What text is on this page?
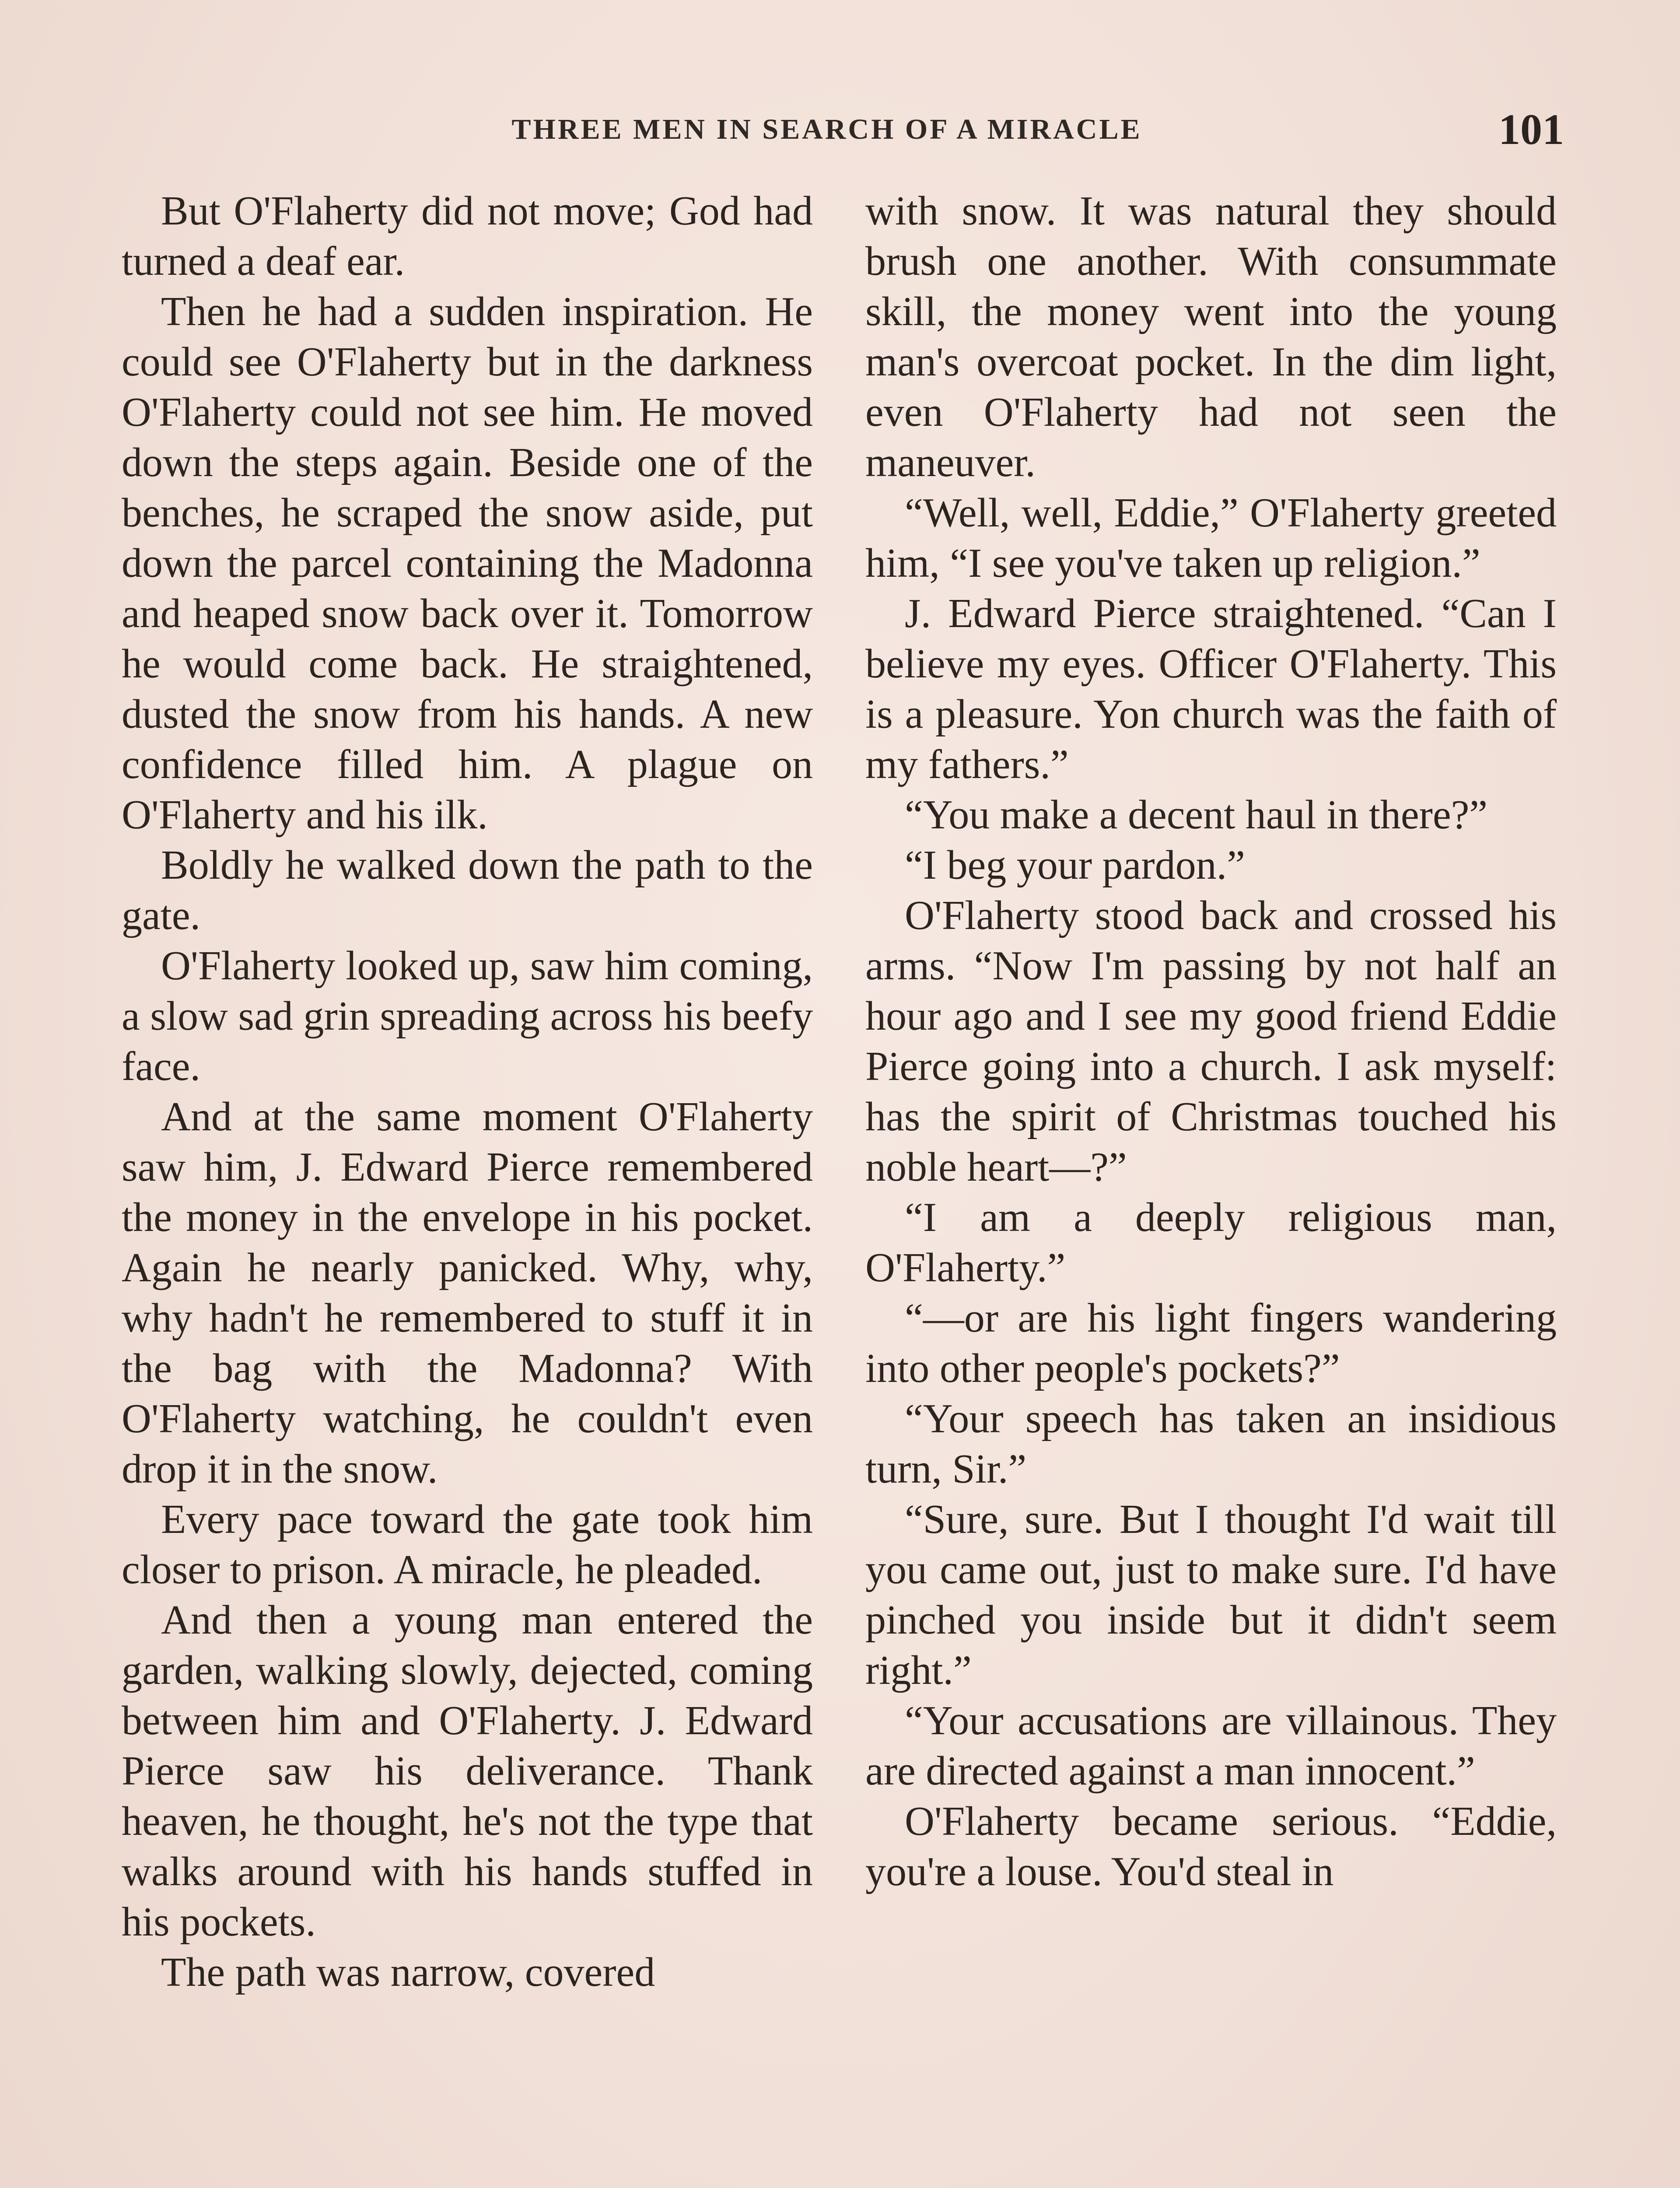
THREE MEN IN SEARCH OF A MIRACLE	101

But O'Flaherty did not move; God had turned a deaf ear.

Then he had a sudden inspiration. He could see O'Flaherty but in the darkness O'Flaherty could not see him. He moved down the steps again. Beside one of the benches, he scraped the snow aside, put down the parcel containing the Madonna and heaped snow back over it. Tomorrow he would come back. He straightened, dusted the snow from his hands. A new confidence filled him. A plague on O'Flaherty and his ilk.

Boldly he walked down the path to the gate.

O'Flaherty looked up, saw him coming, a slow sad grin spreading across his beefy face.

And at the same moment O'Flaherty saw him, J. Edward Pierce remembered the money in the envelope in his pocket. Again he nearly panicked. Why, why, why hadn't he remembered to stuff it in the bag with the Madonna? With O'Flaherty watching, he couldn't even drop it in the snow.

Every pace toward the gate took him closer to prison. A miracle, he pleaded.

And then a young man entered the garden, walking slowly, dejected, coming between him and O'Flaherty. J. Edward Pierce saw his deliverance. Thank heaven, he thought, he's not the type that walks around with his hands stuffed in his pockets.

The path was narrow, covered

with snow. It was natural they should brush one another. With consummate skill, the money went into the young man's overcoat pocket. In the dim light, even O'Flaherty had not seen the maneuver.

“Well, well, Eddie,” O'Flaherty greeted him, “I see you've taken up religion.”

J. Edward Pierce straightened. “Can I believe my eyes. Officer O'Flaherty. This is a pleasure. Yon church was the faith of my fathers.”

“You make a decent haul in there?”

“I beg your pardon.”

O'Flaherty stood back and crossed his arms. “Now I'm passing by not half an hour ago and I see my good friend Eddie Pierce going into a church. I ask myself: has the spirit of Christmas touched his noble heart—?”

“I am a deeply religious man, O'Flaherty.”

“—or are his light fingers wandering into other people's pockets?”

“Your speech has taken an insidious turn, Sir.”

“Sure, sure. But I thought I'd wait till you came out, just to make sure. I'd have pinched you inside but it didn't seem right.”

“Your accusations are villainous. They are directed against a man innocent.”

O'Flaherty became serious. “Eddie, you're a louse. You'd steal in
